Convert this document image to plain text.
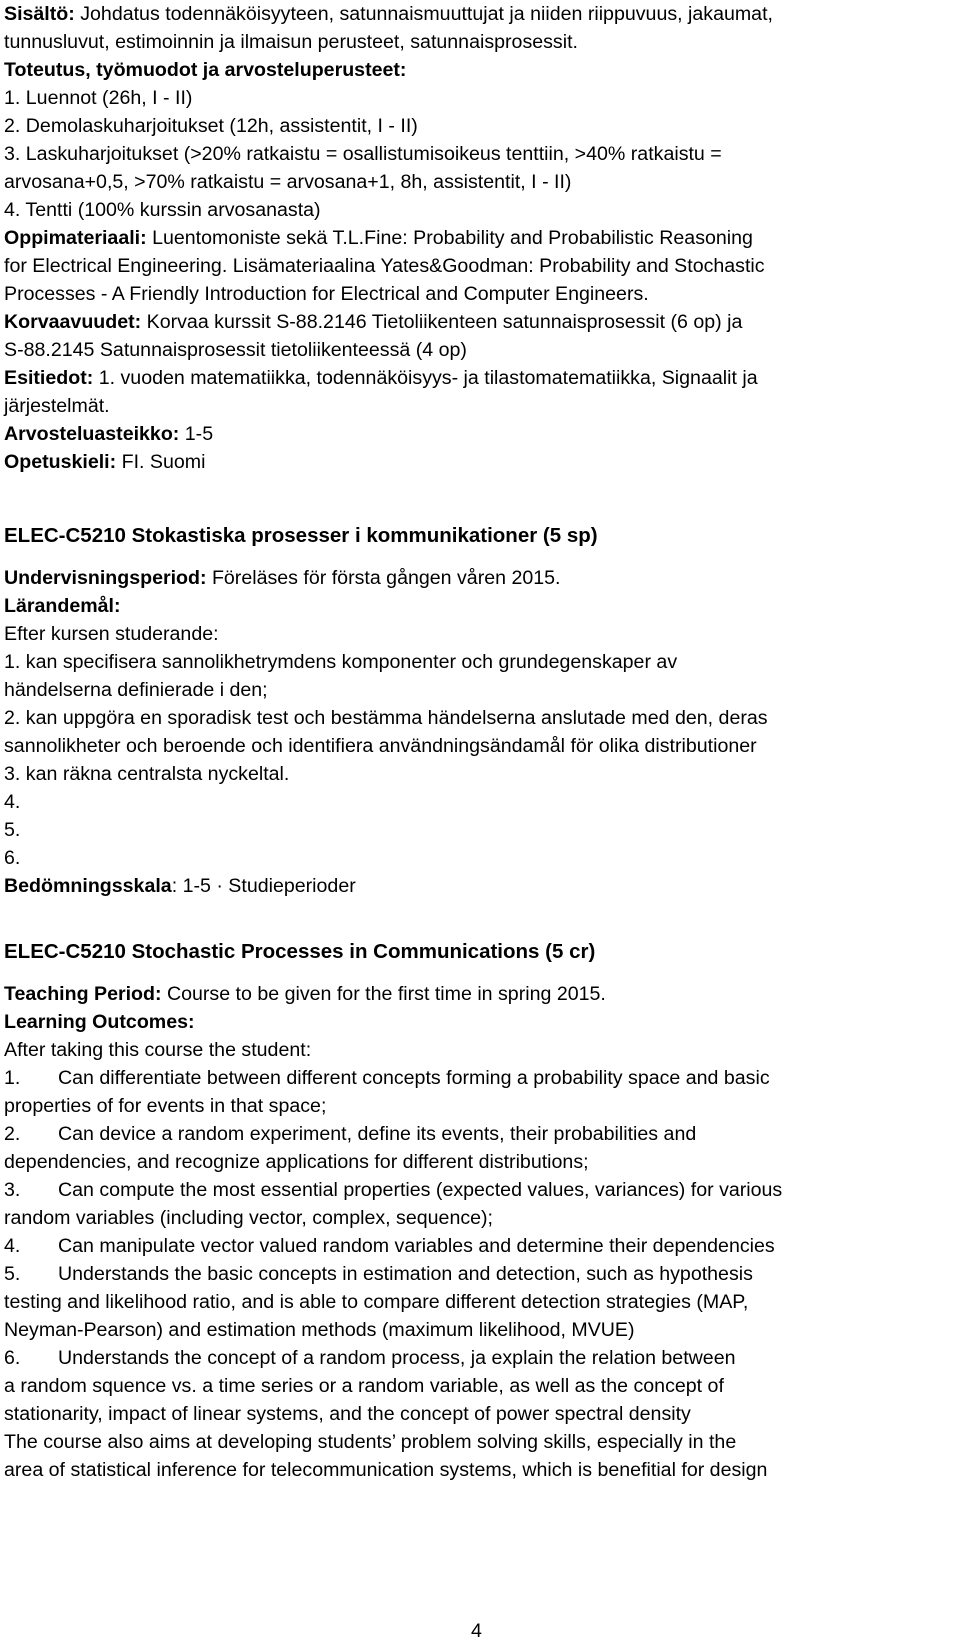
Sisältö: Johdatus todennäköisyyteen, satunnaismuuttujat ja niiden riippuvuus, jakaumat,
tunnusluvut, estimoinnin ja ilmaisun perusteet, satunnaisprosessit.
Toteutus, työmuodot ja arvosteluperusteet:
1. Luennot (26h, I - II)
2. Demolaskuharjoitukset (12h, assistentit, I - II)
3. Laskuharjoitukset (>20% ratkaistu = osallistumisoikeus tenttiin, >40% ratkaistu =
arvosana+0,5, >70% ratkaistu = arvosana+1, 8h, assistentit, I - II)
4. Tentti (100% kurssin arvosanasta)
Oppimateriaali: Luentomoniste sekä T.L.Fine: Probability and Probabilistic Reasoning
for Electrical Engineering. Lisämateriaalina Yates&Goodman: Probability and Stochastic
Processes - A Friendly Introduction for Electrical and Computer Engineers.
Korvaavuudet: Korvaa kurssit S-88.2146 Tietoliikenteen satunnaisprosessit (6 op) ja
S-88.2145 Satunnaisprosessit tietoliikenteessä (4 op)
Esitiedot: 1. vuoden matematiikka, todennäköisyys- ja tilastomatematiikka, Signaalit ja
järjestelmät.
Arvosteluasteikko: 1-5
Opetuskieli: FI. Suomi
ELEC-C5210 Stokastiska prosesser i kommunikationer (5 sp)
Undervisningsperiod: Föreläses för första gången våren 2015.
Lärandemål:
Efter kursen studerande:
1. kan specifisera sannolikhetrymdens komponenter och grundegenskaper av
händelserna definierade i den;
2. kan uppgöra en sporadisk test och bestämma händelserna anslutade med den, deras
sannolikheter och beroende och identifiera användningsändamål för olika distributioner
3. kan räkna centralsta nyckeltal.
4.
5.
6.
Bedömningsskala: 1-5 · Studieperioder
ELEC-C5210 Stochastic Processes in Communications (5 cr)
Teaching Period: Course to be given for the first time in spring 2015.
Learning Outcomes:
After taking this course the student:
1. Can differentiate between different concepts forming a probability space and basic
properties of for events in that space;
2. Can device a random experiment, define its events, their probabilities and
dependencies, and recognize applications for different distributions;
3. Can compute the most essential properties (expected values, variances) for various
random variables (including vector, complex, sequence);
4. Can manipulate vector valued random variables and determine their dependencies
5. Understands the basic concepts in estimation and detection, such as hypothesis
testing and likelihood ratio, and is able to compare different detection strategies (MAP,
Neyman-Pearson) and estimation methods (maximum likelihood, MVUE)
6. Understands the concept of a random process, ja explain the relation between
a random squence vs. a time series or a random variable, as well as the concept of
stationarity, impact of linear systems, and the concept of power spectral density
The course also aims at developing students’ problem solving skills, especially in the
area of statistical inference for telecommunication systems, which is benefitial for design
4
